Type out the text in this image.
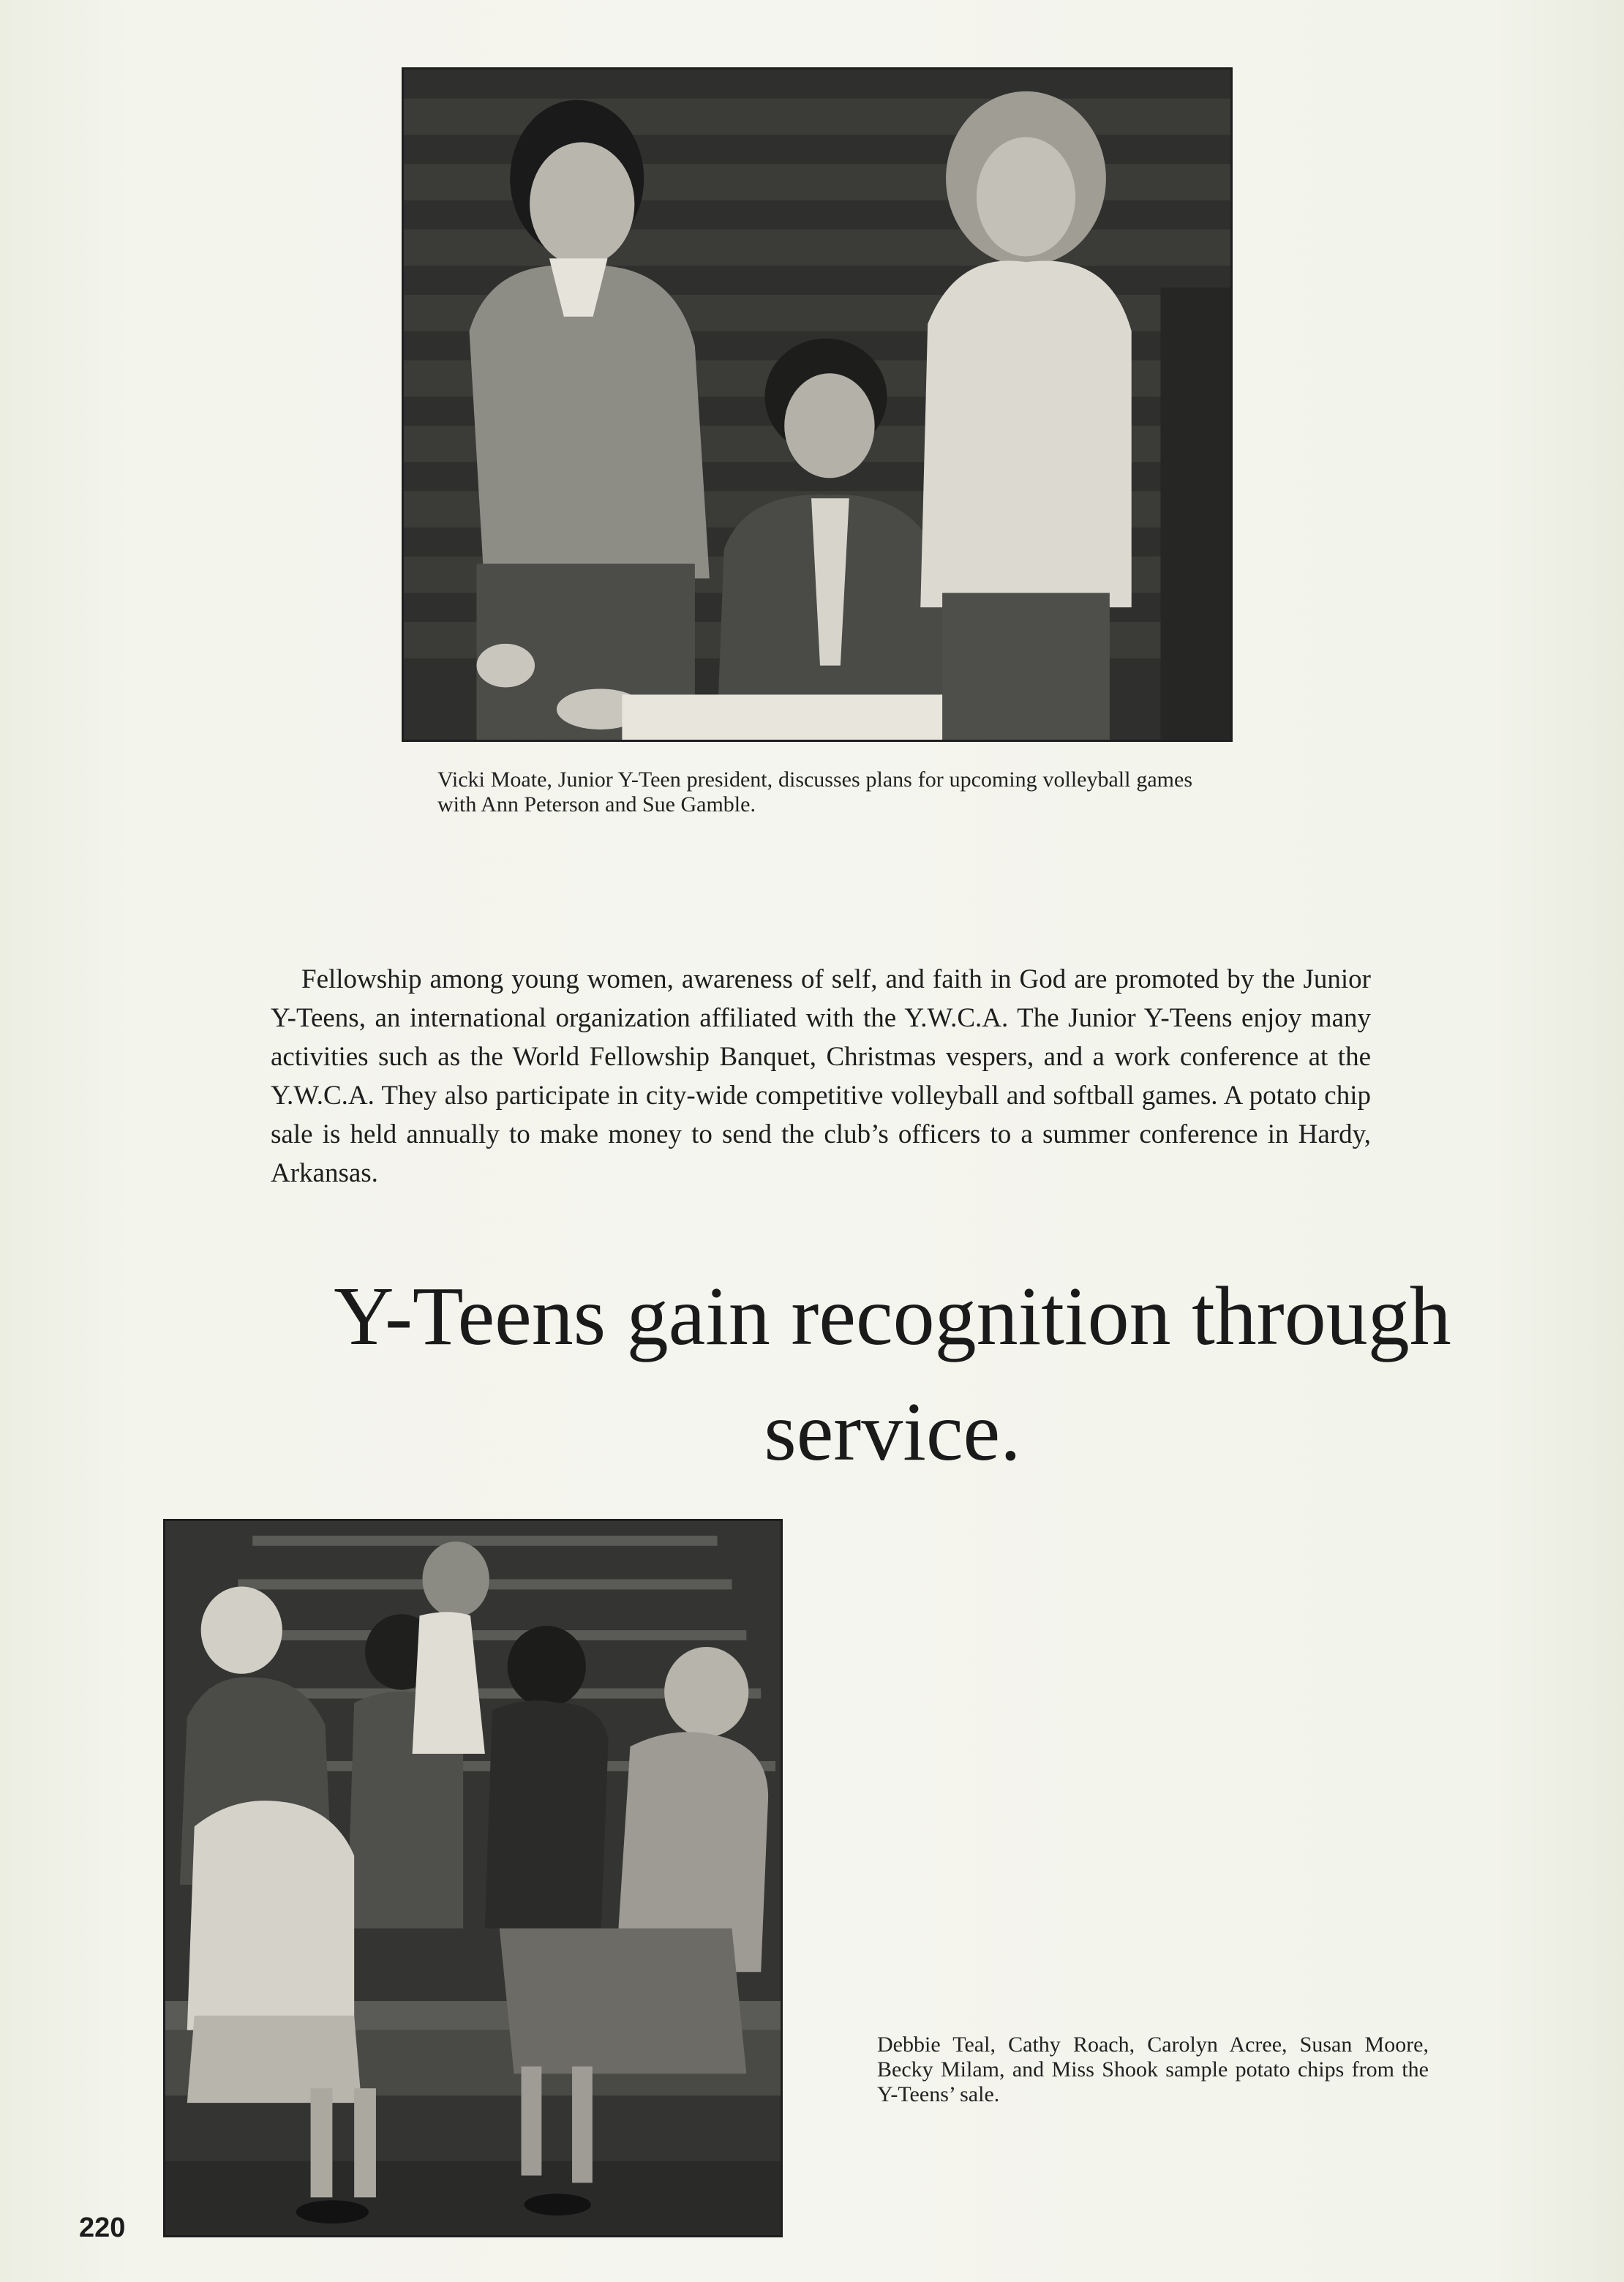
Vicki Moate, Junior Y-Teen president, discusses plans for upcoming volleyball games with Ann Peterson and Sue Gamble.

Fellowship among young women, awareness of self, and faith in God are promoted by the Junior Y-Teens, an international organization affiliated with the Y.W.C.A. The Junior Y-Teens enjoy many activities such as the World Fellowship Banquet, Christmas vespers, and a work conference at the Y.W.C.A. They also participate in city-wide competitive volleyball and softball games. A potato chip sale is held annually to make money to send the club’s officers to a summer conference in Hardy, Arkansas.

Y-Teens gain recognition through service.

Debbie Teal, Cathy Roach, Carolyn Acree, Susan Moore, Becky Milam, and Miss Shook sample potato chips from the Y-Teens’ sale.

220
